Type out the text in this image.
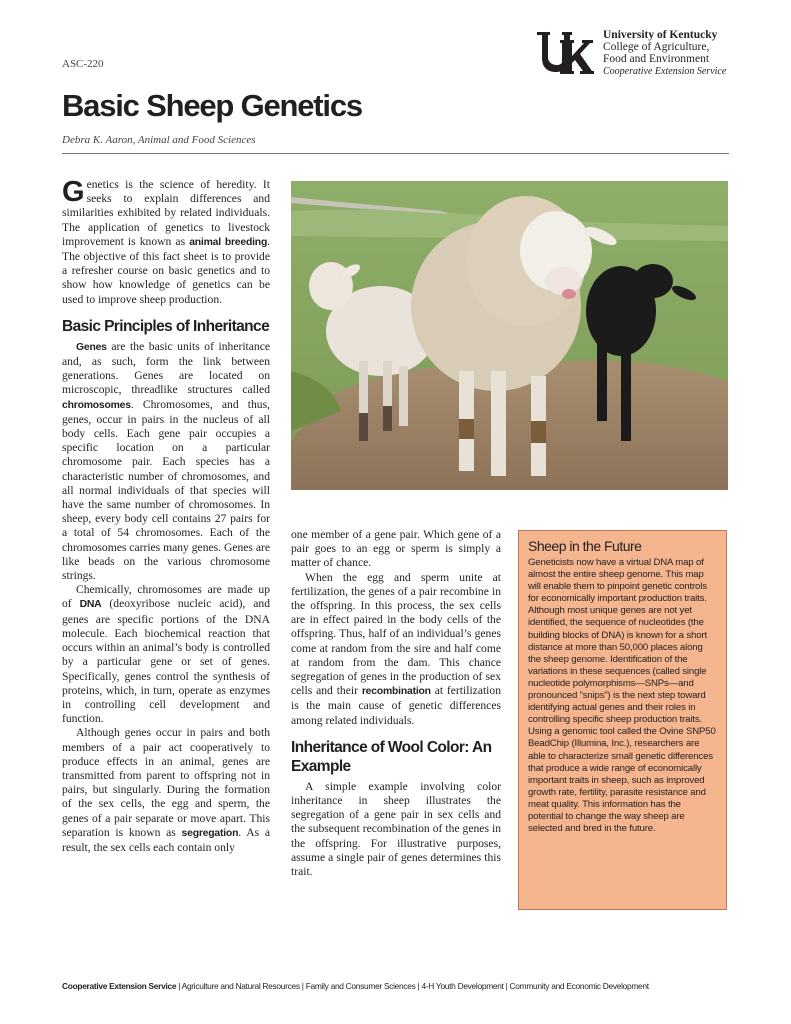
ASC-220
University of Kentucky
College of Agriculture,
Food and Environment
Cooperative Extension Service
Basic Sheep Genetics
Debra K. Aaron, Animal and Food Sciences

Genetics is the science of heredity. It seeks to explain differences and similarities exhibited by related individuals. The application of genetics to livestock improvement is known as animal breeding. The objective of this fact sheet is to provide a refresher course on basic genetics and to show how knowledge of genetics can be used to improve sheep production.

Basic Principles of Inheritance

Genes are the basic units of inheritance and, as such, form the link between generations. Genes are located on microscopic, threadlike structures called chromosomes. Chromosomes, and thus, genes, occur in pairs in the nucleus of all body cells. Each gene pair occupies a specific location on a particular chromosome pair. Each species has a characteristic number of chromosomes, and all normal individuals of that species will have the same number of chromosomes. In sheep, every body cell contains 27 pairs for a total of 54 chromosomes. Each of the chromosomes carries many genes. Genes are like beads on the various chromosome strings.

Chemically, chromosomes are made up of DNA (deoxyribose nucleic acid), and genes are specific portions of the DNA molecule. Each biochemical reaction that occurs within an animal’s body is controlled by a particular gene or set of genes. Specifically, genes control the synthesis of proteins, which, in turn, operate as enzymes in controlling cell development and function.

Although genes occur in pairs and both members of a pair act cooperatively to produce effects in an animal, genes are transmitted from parent to offspring not in pairs, but singularly. During the formation of the sex cells, the egg and sperm, the genes of a pair separate or move apart. This separation is known as segregation. As a result, the sex cells each contain only

one member of a gene pair. Which gene of a pair goes to an egg or sperm is simply a matter of chance.

When the egg and sperm unite at fertilization, the genes of a pair recombine in the offspring. In this process, the sex cells are in effect paired in the body cells of the offspring. Thus, half of an individual’s genes come at random from the sire and half come at random from the dam. This chance segregation of genes in the production of sex cells and their recombination at fertilization is the main cause of genetic differences among related individuals.

Inheritance of Wool Color: An Example

A simple example involving color inheritance in sheep illustrates the segregation of a gene pair in sex cells and the subsequent recombination of the genes in the offspring. For illustrative purposes, assume a single pair of genes determines this trait.

Sheep in the Future

Geneticists now have a virtual DNA map of almost the entire sheep genome. This map will enable them to pinpoint genetic controls for economically important production traits. Although most unique genes are not yet identified, the sequence of nucleotides (the building blocks of DNA) is known for a short distance at more than 50,000 places along the sheep genome. Identification of the variations in these sequences (called single nucleotide polymorphisms—SNPs—and pronounced “snips”) is the next step toward identifying actual genes and their roles in controlling specific sheep production traits. Using a genomic tool called the Ovine SNP50 BeadChip (Illumina, Inc.), researchers are able to characterize small genetic differences that produce a wide range of economically important traits in sheep, such as improved growth rate, fertility, parasite resistance and meat quality. This information has the potential to change the way sheep are selected and bred in the future.

Cooperative Extension Service | Agriculture and Natural Resources | Family and Consumer Sciences | 4-H Youth Development | Community and Economic Development
